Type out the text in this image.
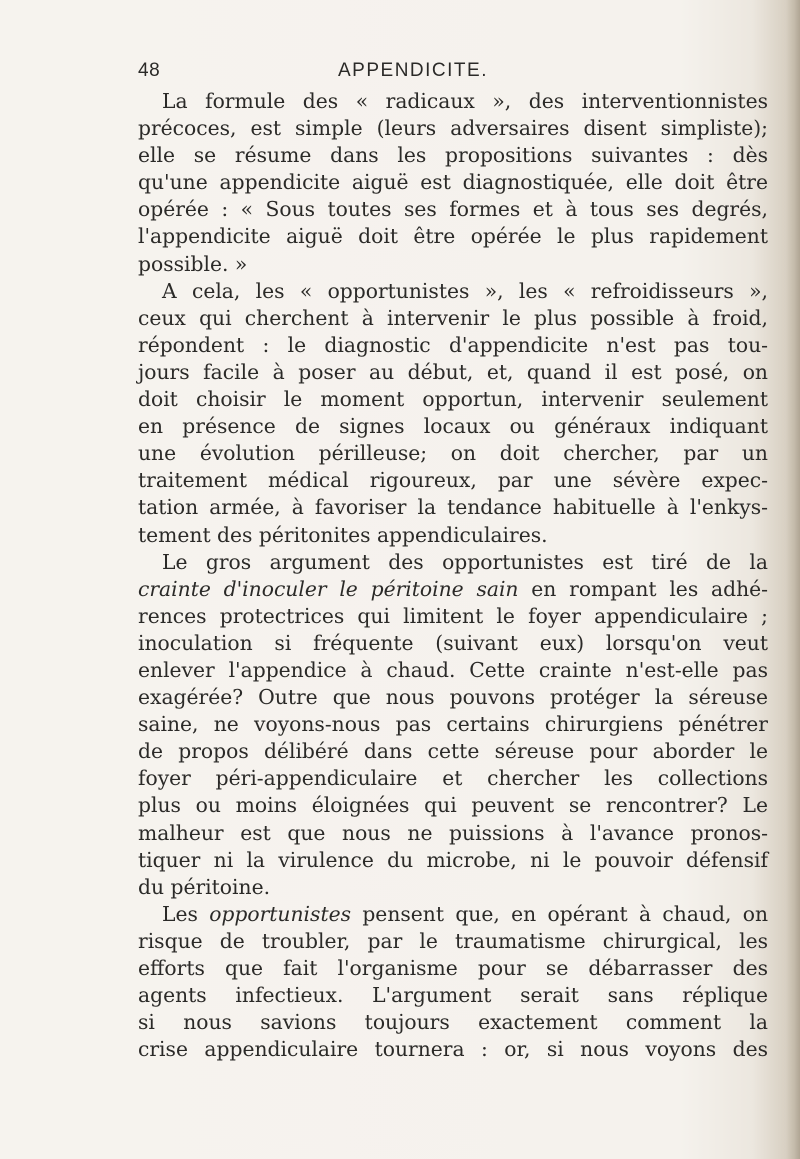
48	APPENDICITE.
La formule des « radicaux », des interventionnistes
précoces, est simple (leurs adversaires disent simpliste);
elle se résume dans les propositions suivantes : dès
qu'une appendicite aiguë est diagnostiquée, elle doit être
opérée : « Sous toutes ses formes et à tous ses degrés,
l'appendicite aiguë doit être opérée le plus rapidement
possible. »
A cela, les « opportunistes », les « refroidisseurs »,
ceux qui cherchent à intervenir le plus possible à froid,
répondent : le diagnostic d'appendicite n'est pas tou-
jours facile à poser au début, et, quand il est posé, on
doit choisir le moment opportun, intervenir seulement
en présence de signes locaux ou généraux indiquant
une évolution périlleuse; on doit chercher, par un
traitement médical rigoureux, par une sévère expec-
tation armée, à favoriser la tendance habituelle à l'enkys-
tement des péritonites appendiculaires.
Le gros argument des opportunistes est tiré de la
crainte d'inoculer le péritoine sain en rompant les adhé-
rences protectrices qui limitent le foyer appendiculaire ;
inoculation si fréquente (suivant eux) lorsqu'on veut
enlever l'appendice à chaud. Cette crainte n'est-elle pas
exagérée? Outre que nous pouvons protéger la séreuse
saine, ne voyons-nous pas certains chirurgiens pénétrer
de propos délibéré dans cette séreuse pour aborder le
foyer péri-appendiculaire et chercher les collections
plus ou moins éloignées qui peuvent se rencontrer? Le
malheur est que nous ne puissions à l'avance pronos-
tiquer ni la virulence du microbe, ni le pouvoir défensif
du péritoine.
Les opportunistes pensent que, en opérant à chaud, on
risque de troubler, par le traumatisme chirurgical, les
efforts que fait l'organisme pour se débarrasser des
agents infectieux. L'argument serait sans réplique
si nous savions toujours exactement comment la
crise appendiculaire tournera : or, si nous voyons des
